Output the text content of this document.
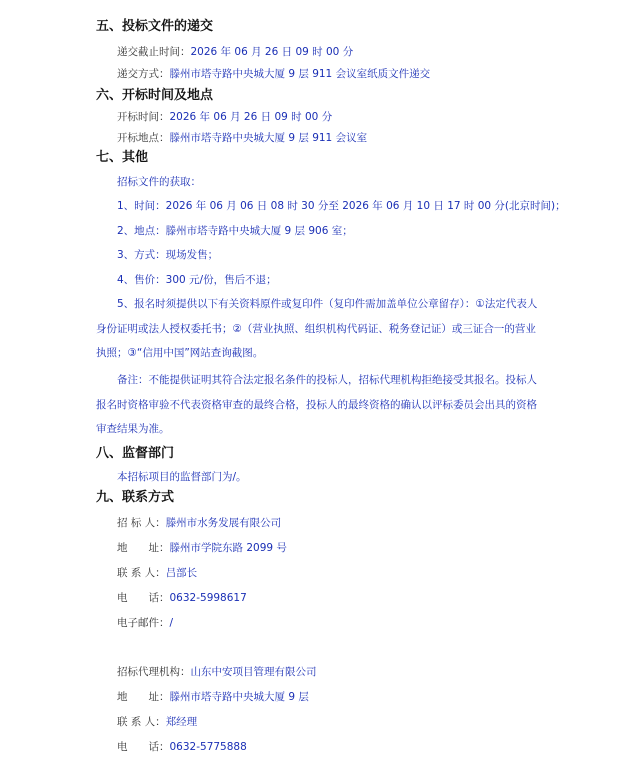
五、投标文件的递交
递交截止时间：2026 年 06 月 26 日 09 时 00 分
递交方式：滕州市塔寺路中央城大厦 9 层 911 会议室纸质文件递交
六、开标时间及地点
开标时间：2026 年 06 月 26 日 09 时 00 分
开标地点：滕州市塔寺路中央城大厦 9 层 911 会议室
七、其他
招标文件的获取：
1、时间：2026 年 06 月 06 日 08 时 30 分至 2026 年 06 月 10 日 17 时 00 分(北京时间)；
2、地点：滕州市塔寺路中央城大厦 9 层 906 室；
3、方式：现场发售；
4、售价：300 元/份，售后不退；
5、报名时须提供以下有关资料原件或复印件（复印件需加盖单位公章留存）：①法定代表人身份证明或法人授权委托书；②（营业执照、组织机构代码证、税务登记证）或三证合一的营业执照；③“信用中国”网站查询截图。
备注：不能提供证明其符合法定报名条件的投标人，招标代理机构拒绝接受其报名。投标人报名时资格审验不代表资格审查的最终合格，投标人的最终资格的确认以评标委员会出具的资格审查结果为准。
八、监督部门
本招标项目的监督部门为/。
九、联系方式
招 标 人：滕州市水务发展有限公司
地　　址：滕州市学院东路 2099 号
联 系 人：吕部长
电　　话：0632-5998617
电子邮件：/
招标代理机构：山东中安项目管理有限公司
地　　址：滕州市塔寺路中央城大厦 9 层
联 系 人：郑经理
电　　话：0632-5775888
